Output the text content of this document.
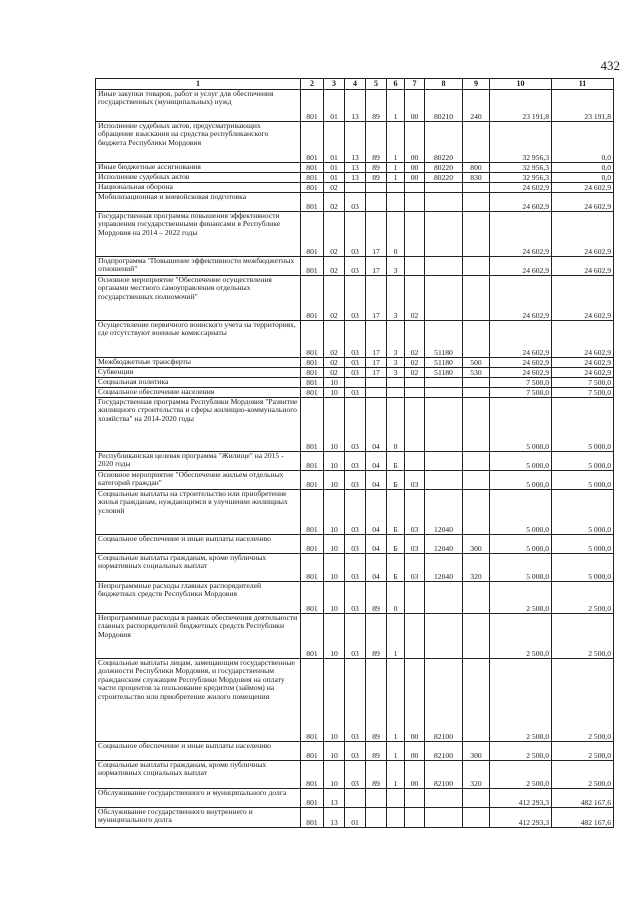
432
1	2	3	4	5	6	7	8	9	10	11
Иные закупки товаров, работ и услуг для обеспечения государственных (муниципальных) нужд	801	01	13	89	1	00	80210	240	23 191,8	23 191,8
Исполнение судебных актов, предусматривающих обращение взыскания на средства республиканского бюджета Республики Мордовия	801	01	13	89	1	00	80220		32 956,3	0,0
Иные бюджетные ассигнования	801	01	13	89	1	00	80220	800	32 956,3	0,0
Исполнение судебных актов	801	01	13	89	1	00	80220	830	32 956,3	0,0
Национальная оборона	801	02							24 602,9	24 602,9
Мобилизационная и вневойсковая подготовка	801	02	03						24 602,9	24 602,9
Государственная программа повышения эффективности управления государственными финансами в Республике Мордовия на 2014 – 2022 годы	801	02	03	17	0				24 602,9	24 602,9
Подпрограмма "Повышение эффективности межбюджетных отношений"	801	02	03	17	3				24 602,9	24 602,9
Основное мероприятие "Обеспечение осуществления органами местного самоуправления отдельных государственных полномочий"	801	02	03	17	3	02			24 602,9	24 602,9
Осуществление первичного воинского учета на территориях, где отсутствуют военные комиссариаты	801	02	03	17	3	02	51180		24 602,9	24 602,9
Межбюджетные трансферты	801	02	03	17	3	02	51180	500	24 602,9	24 602,9
Субвенции	801	02	03	17	3	02	51180	530	24 602,9	24 602,9
Социальная политика	801	10							7 500,0	7 500,0
Социальное обеспечение населения	801	10	03						7 500,0	7 500,0
Государственная программа Республики Мордовия "Развитие жилищного строительства и сферы жилищно-коммунального хозяйства" на 2014-2020 годы	801	10	03	04	0				5 000,0	5 000,0
Республиканская целевая программа "Жилище" на 2015 - 2020 годы	801	10	03	04	Б				5 000,0	5 000,0
Основное мероприятие "Обеспечение жильем отдельных категорий граждан"	801	10	03	04	Б	03			5 000,0	5 000,0
Социальные выплаты на строительство или приобретение жилья гражданам, нуждающимся в улучшении жилищных условий	801	10	03	04	Б	03	12040		5 000,0	5 000,0
Социальное обеспечение и иные выплаты населению	801	10	03	04	Б	03	12040	300	5 000,0	5 000,0
Социальные выплаты гражданам, кроме публичных нормативных социальных выплат	801	10	03	04	Б	03	12040	320	5 000,0	5 000,0
Непрограммные расходы главных распорядителей бюджетных средств Республики Мордовия	801	10	03	89	0				2 500,0	2 500,0
Непрограммные расходы в рамках обеспечения деятельности главных распорядителей бюджетных средств Республики Мордовия	801	10	03	89	1				2 500,0	2 500,0
Социальные выплаты лицам, замещающим государственные должности Республики Мордовия, и государственным гражданским служащим Республики Мордовия на оплату части процентов за пользование кредитом (займом) на строительство или приобретение жилого помещения	801	10	03	89	1	00	82100		2 500,0	2 500,0
Социальное обеспечение и иные выплаты населению	801	10	03	89	1	00	82100	300	2 500,0	2 500,0
Социальные выплаты гражданам, кроме публичных нормативных социальных выплат	801	10	03	89	1	00	82100	320	2 500,0	2 500,0
Обслуживание государственного и муниципального долга	801	13							412 293,3	482 167,6
Обслуживание государственного внутреннего и муниципального долга	801	13	01						412 293,3	482 167,6
